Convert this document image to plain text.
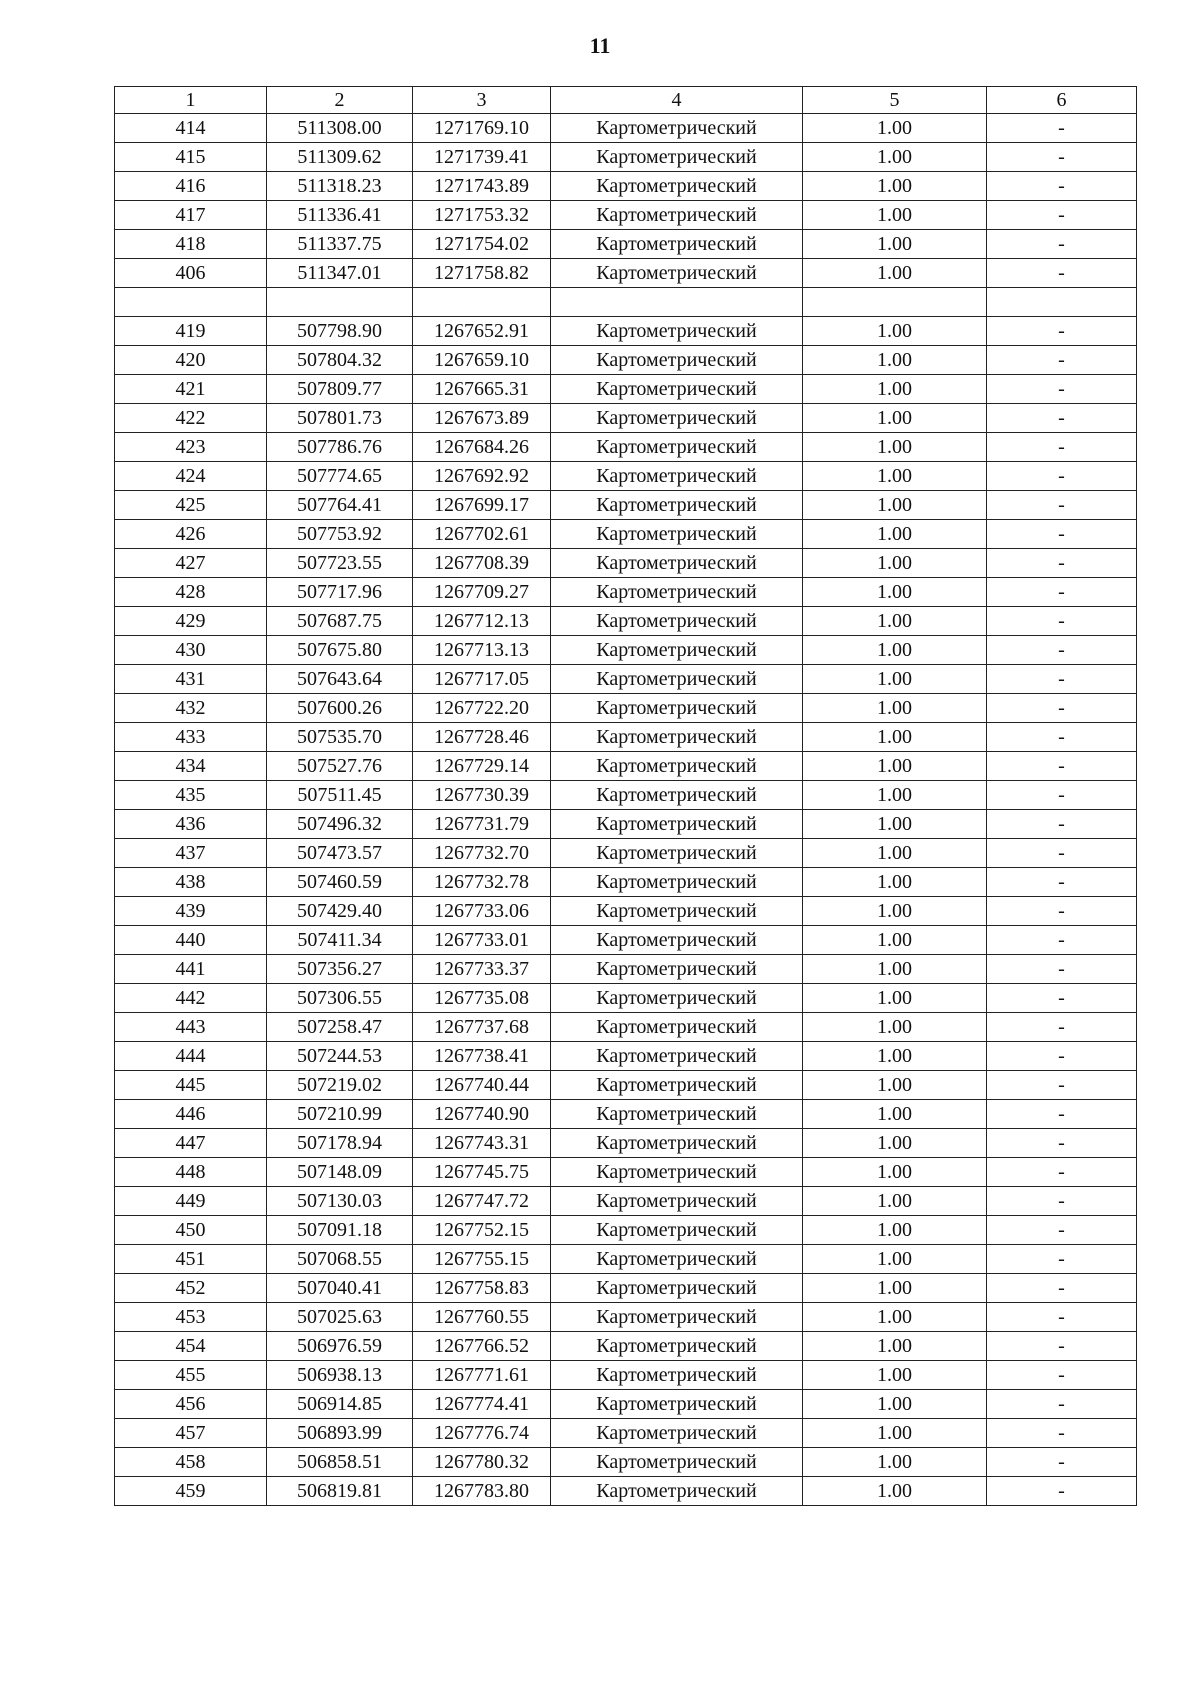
11
1	2	3	4	5	6
414	511308.00	1271769.10	Картометрический	1.00	-
415	511309.62	1271739.41	Картометрический	1.00	-
416	511318.23	1271743.89	Картометрический	1.00	-
417	511336.41	1271753.32	Картометрический	1.00	-
418	511337.75	1271754.02	Картометрический	1.00	-
406	511347.01	1271758.82	Картометрический	1.00	-

419	507798.90	1267652.91	Картометрический	1.00	-
420	507804.32	1267659.10	Картометрический	1.00	-
421	507809.77	1267665.31	Картометрический	1.00	-
422	507801.73	1267673.89	Картометрический	1.00	-
423	507786.76	1267684.26	Картометрический	1.00	-
424	507774.65	1267692.92	Картометрический	1.00	-
425	507764.41	1267699.17	Картометрический	1.00	-
426	507753.92	1267702.61	Картометрический	1.00	-
427	507723.55	1267708.39	Картометрический	1.00	-
428	507717.96	1267709.27	Картометрический	1.00	-
429	507687.75	1267712.13	Картометрический	1.00	-
430	507675.80	1267713.13	Картометрический	1.00	-
431	507643.64	1267717.05	Картометрический	1.00	-
432	507600.26	1267722.20	Картометрический	1.00	-
433	507535.70	1267728.46	Картометрический	1.00	-
434	507527.76	1267729.14	Картометрический	1.00	-
435	507511.45	1267730.39	Картометрический	1.00	-
436	507496.32	1267731.79	Картометрический	1.00	-
437	507473.57	1267732.70	Картометрический	1.00	-
438	507460.59	1267732.78	Картометрический	1.00	-
439	507429.40	1267733.06	Картометрический	1.00	-
440	507411.34	1267733.01	Картометрический	1.00	-
441	507356.27	1267733.37	Картометрический	1.00	-
442	507306.55	1267735.08	Картометрический	1.00	-
443	507258.47	1267737.68	Картометрический	1.00	-
444	507244.53	1267738.41	Картометрический	1.00	-
445	507219.02	1267740.44	Картометрический	1.00	-
446	507210.99	1267740.90	Картометрический	1.00	-
447	507178.94	1267743.31	Картометрический	1.00	-
448	507148.09	1267745.75	Картометрический	1.00	-
449	507130.03	1267747.72	Картометрический	1.00	-
450	507091.18	1267752.15	Картометрический	1.00	-
451	507068.55	1267755.15	Картометрический	1.00	-
452	507040.41	1267758.83	Картометрический	1.00	-
453	507025.63	1267760.55	Картометрический	1.00	-
454	506976.59	1267766.52	Картометрический	1.00	-
455	506938.13	1267771.61	Картометрический	1.00	-
456	506914.85	1267774.41	Картометрический	1.00	-
457	506893.99	1267776.74	Картометрический	1.00	-
458	506858.51	1267780.32	Картометрический	1.00	-
459	506819.81	1267783.80	Картометрический	1.00	-
